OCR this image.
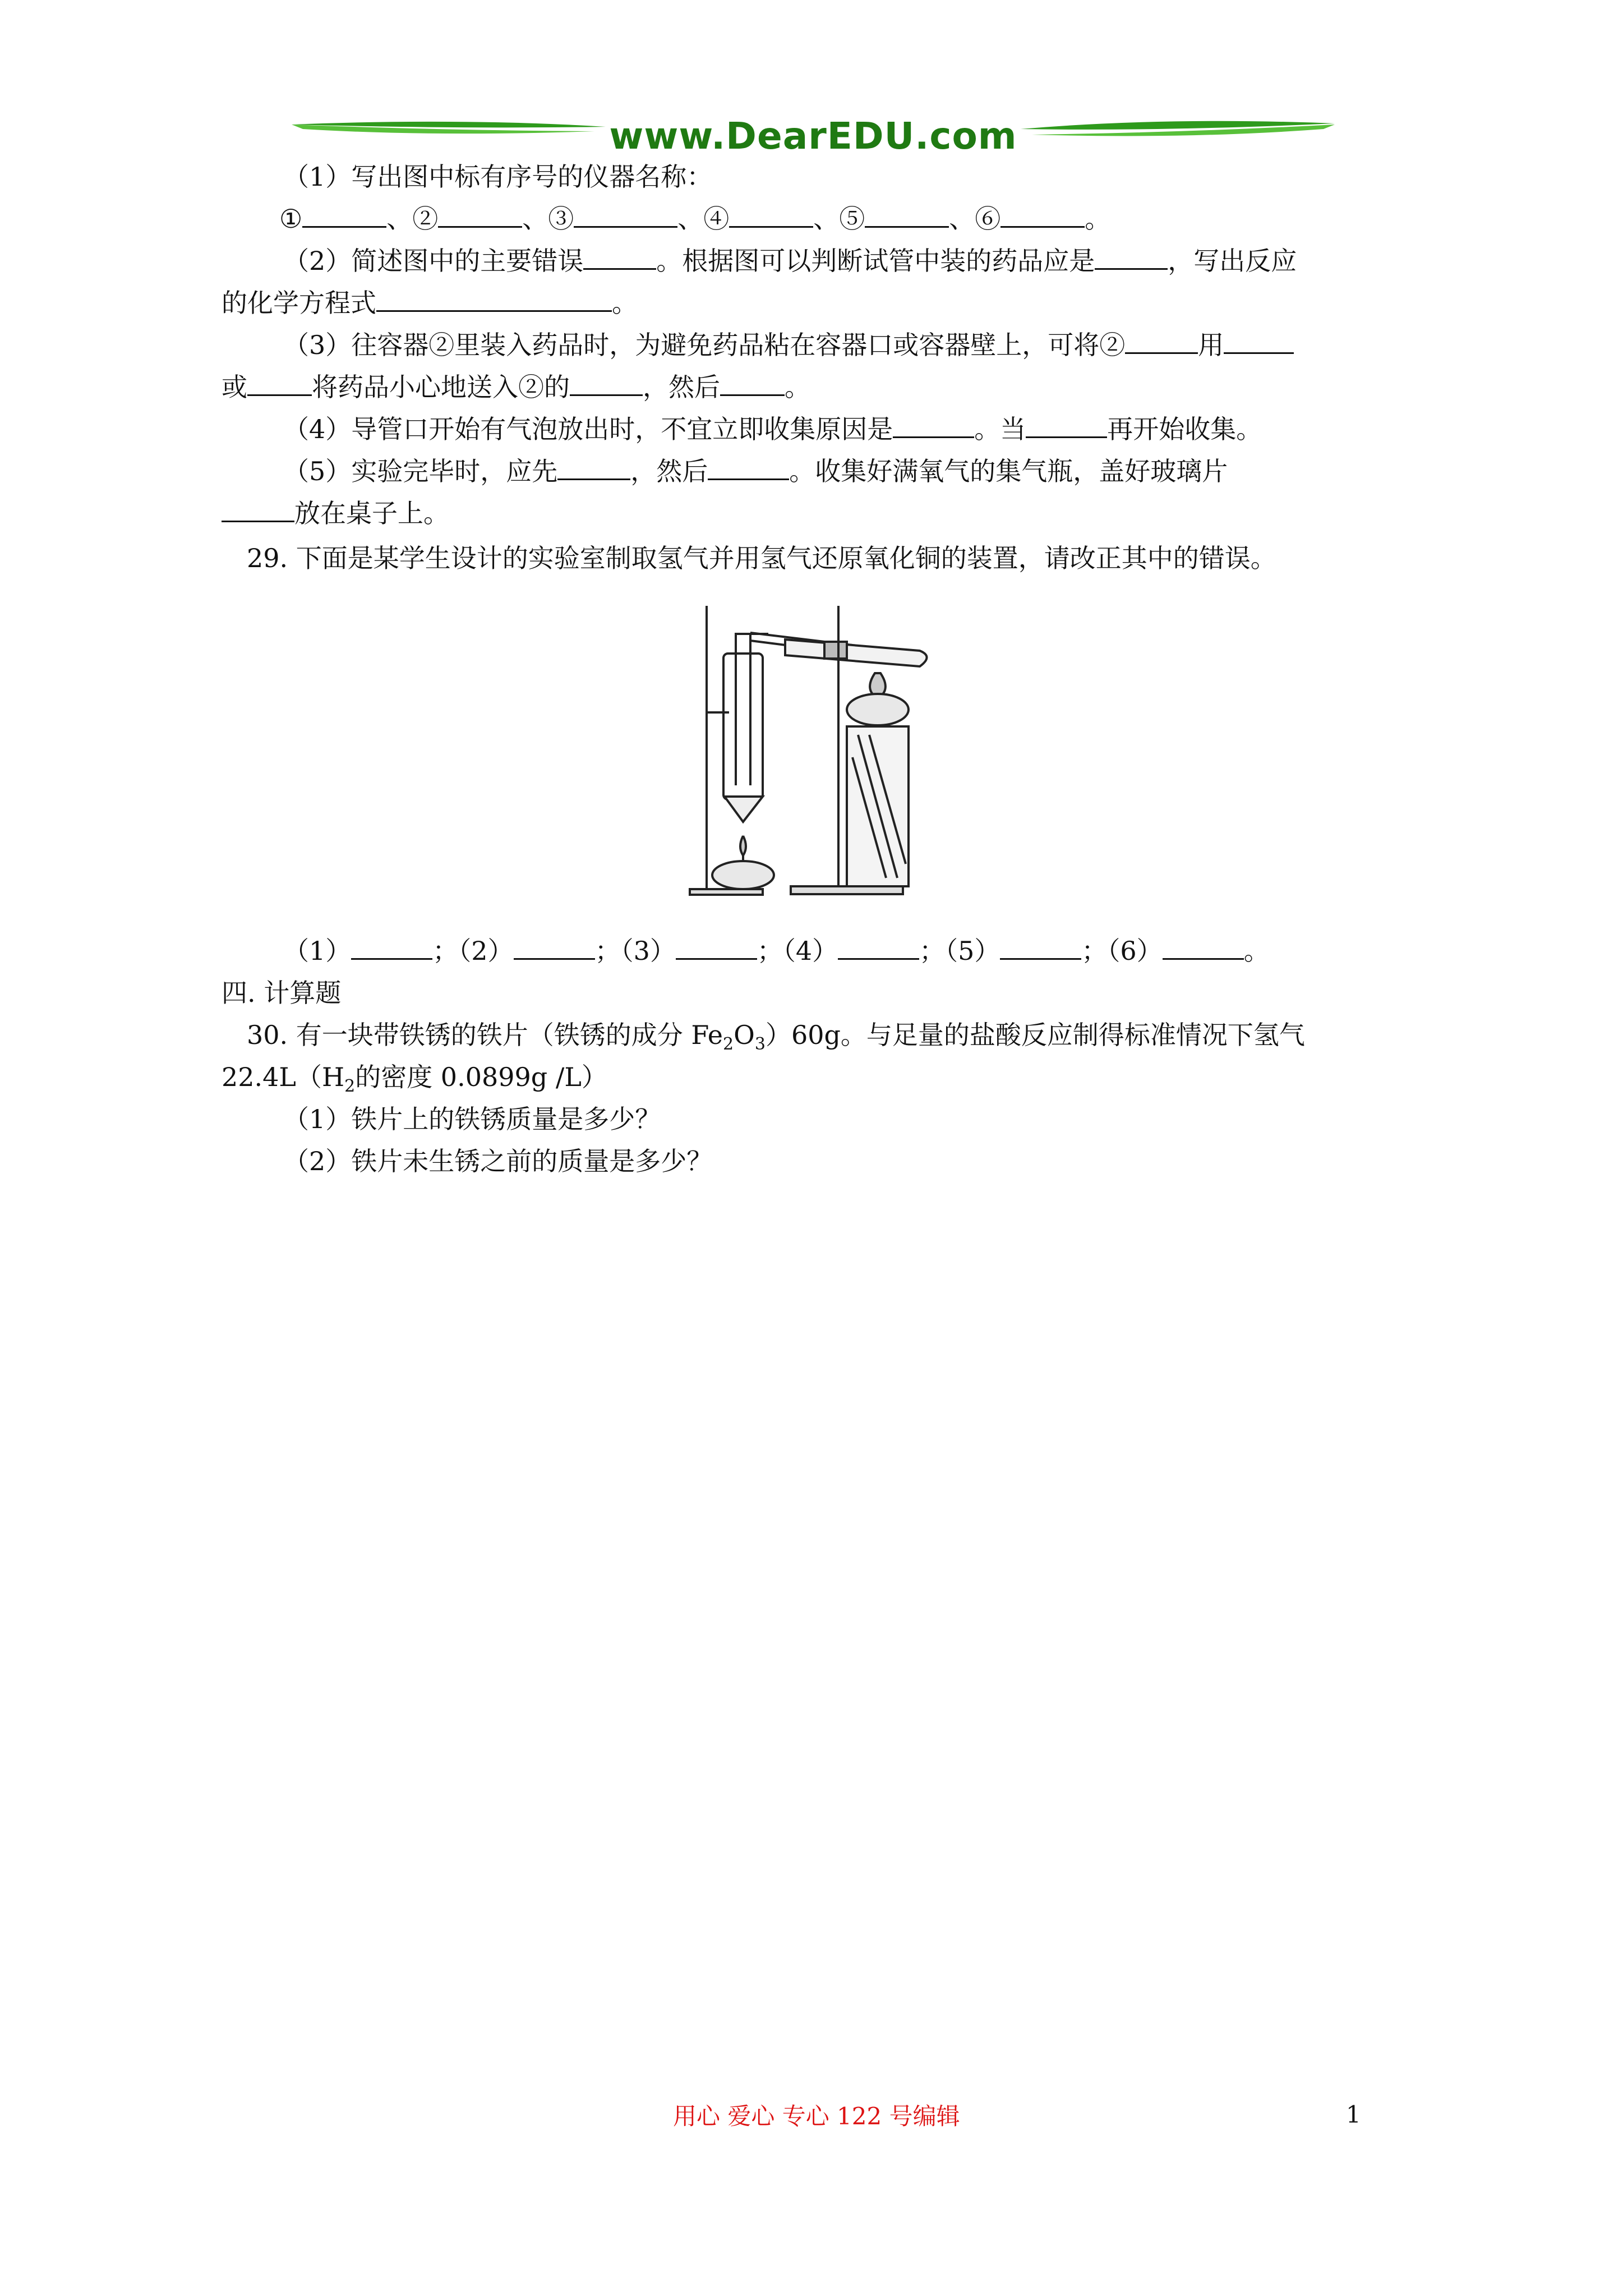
www.DearEDU.com
（1）写出图中标有序号的仪器名称：
①	、②	、③	、④	、⑤	、⑥	。
（2）简述图中的主要错误	。根据图可以判断试管中装的药品应是	，写出反应
的化学方程式	。
（3）往容器②里装入药品时，为避免药品粘在容器口或容器壁上，可将②	用
或	将药品小心地送入②的	，然后	。
（4）导管口开始有气泡放出时，不宜立即收集原因是	。当	再开始收集。
（5）实验完毕时，应先	，然后	。收集好满氧气的集气瓶，盖好玻璃片
放在桌子上。
29. 下面是某学生设计的实验室制取氢气并用氢气还原氧化铜的装置，请改正其中的错误。
（1）	；（2）	；（3）	；（4）	；（5）	；（6）	。
四. 计算题
30. 有一块带铁锈的铁片（铁锈的成分 $Fe_2O_3)60g$。与足量的盐酸反应制得标准情况下氢气
$22.4L(H_2$的密度 0.0899g /L）
（1）铁片上的铁锈质量是多少？
（2）铁片未生锈之前的质量是多少？
用心 爱心 专心 122 号编辑	1
